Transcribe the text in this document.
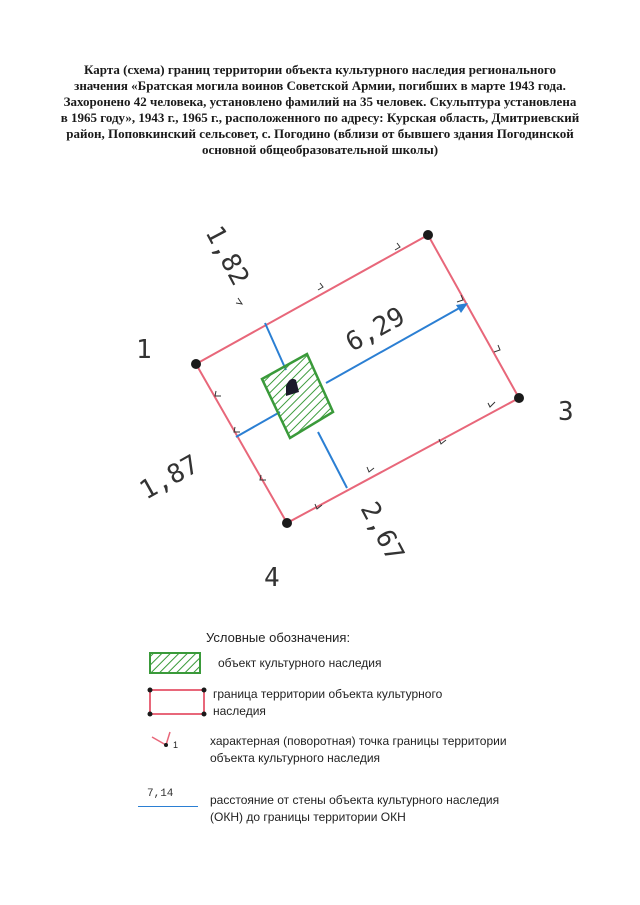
Карта (схема) границ территории объекта культурного наследия регионального значения «Братская могила воинов Советской Армии, погибших в марте 1943 года. Захоронено 42 человека, установлено фамилий на 35 человек. Скульптура установлена в 1965 году», 1943 г., 1965 г., расположенного по адресу: Курская область, Дмитриевский район, Поповкинский сельсовет, с. Погодино (вблизи от бывшего здания Погодинской основной общеобразовательной школы)
1
3
4
1,82
6,29
1,87
2,67
1
Условные обозначения:
объект культурного наследия
граница территории объекта культурного наследия
характерная (поворотная) точка границы территории объекта культурного наследия
7,14	расстояние от стены объекта культурного наследия (ОКН) до границы территории ОКН
